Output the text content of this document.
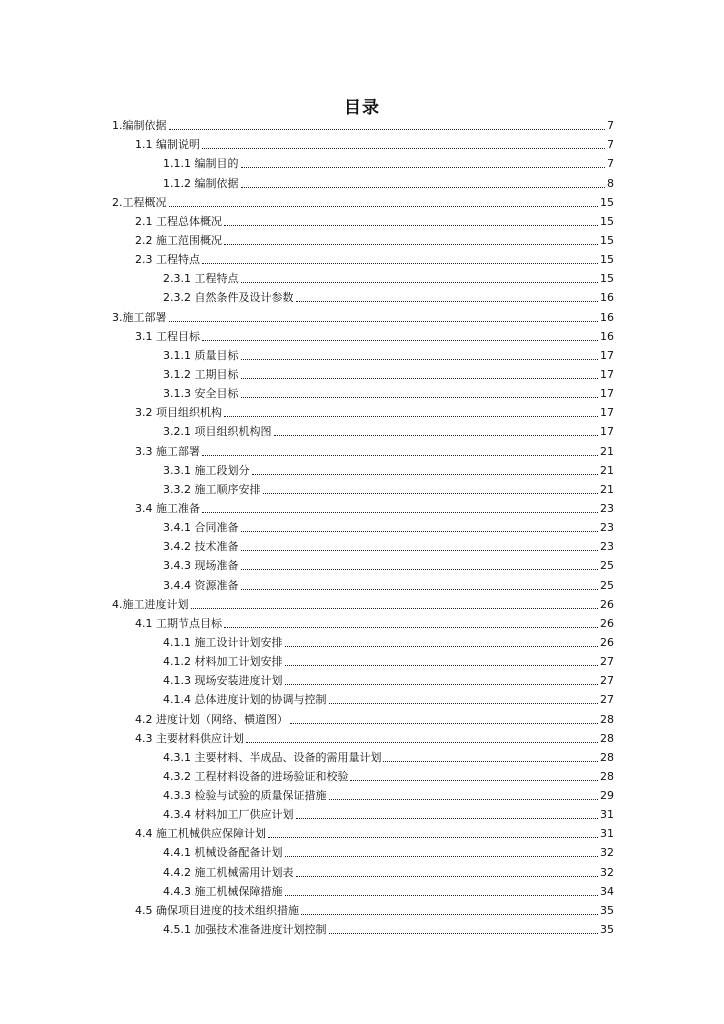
目录
1.编制依据	7
1.1 编制说明	7
1.1.1 编制目的	7
1.1.2 编制依据	8
2.工程概况	15
2.1 工程总体概况	15
2.2 施工范围概况	15
2.3 工程特点	15
2.3.1 工程特点	15
2.3.2 自然条件及设计参数	16
3.施工部署	16
3.1 工程目标	16
3.1.1 质量目标	17
3.1.2 工期目标	17
3.1.3 安全目标	17
3.2 项目组织机构	17
3.2.1 项目组织机构图	17
3.3 施工部署	21
3.3.1 施工段划分	21
3.3.2 施工顺序安排	21
3.4 施工准备	23
3.4.1 合同准备	23
3.4.2 技术准备	23
3.4.3 现场准备	25
3.4.4 资源准备	25
4.施工进度计划	26
4.1 工期节点目标	26
4.1.1 施工设计计划安排	26
4.1.2 材料加工计划安排	27
4.1.3 现场安装进度计划	27
4.1.4 总体进度计划的协调与控制	27
4.2 进度计划（网络、横道图）	28
4.3 主要材料供应计划	28
4.3.1 主要材料、半成品、设备的需用量计划	28
4.3.2 工程材料设备的进场验证和校验	28
4.3.3 检验与试验的质量保证措施	29
4.3.4 材料加工厂供应计划	31
4.4 施工机械供应保障计划	31
4.4.1 机械设备配备计划	32
4.4.2 施工机械需用计划表	32
4.4.3 施工机械保障措施	34
4.5 确保项目进度的技术组织措施	35
4.5.1 加强技术准备进度计划控制	35
